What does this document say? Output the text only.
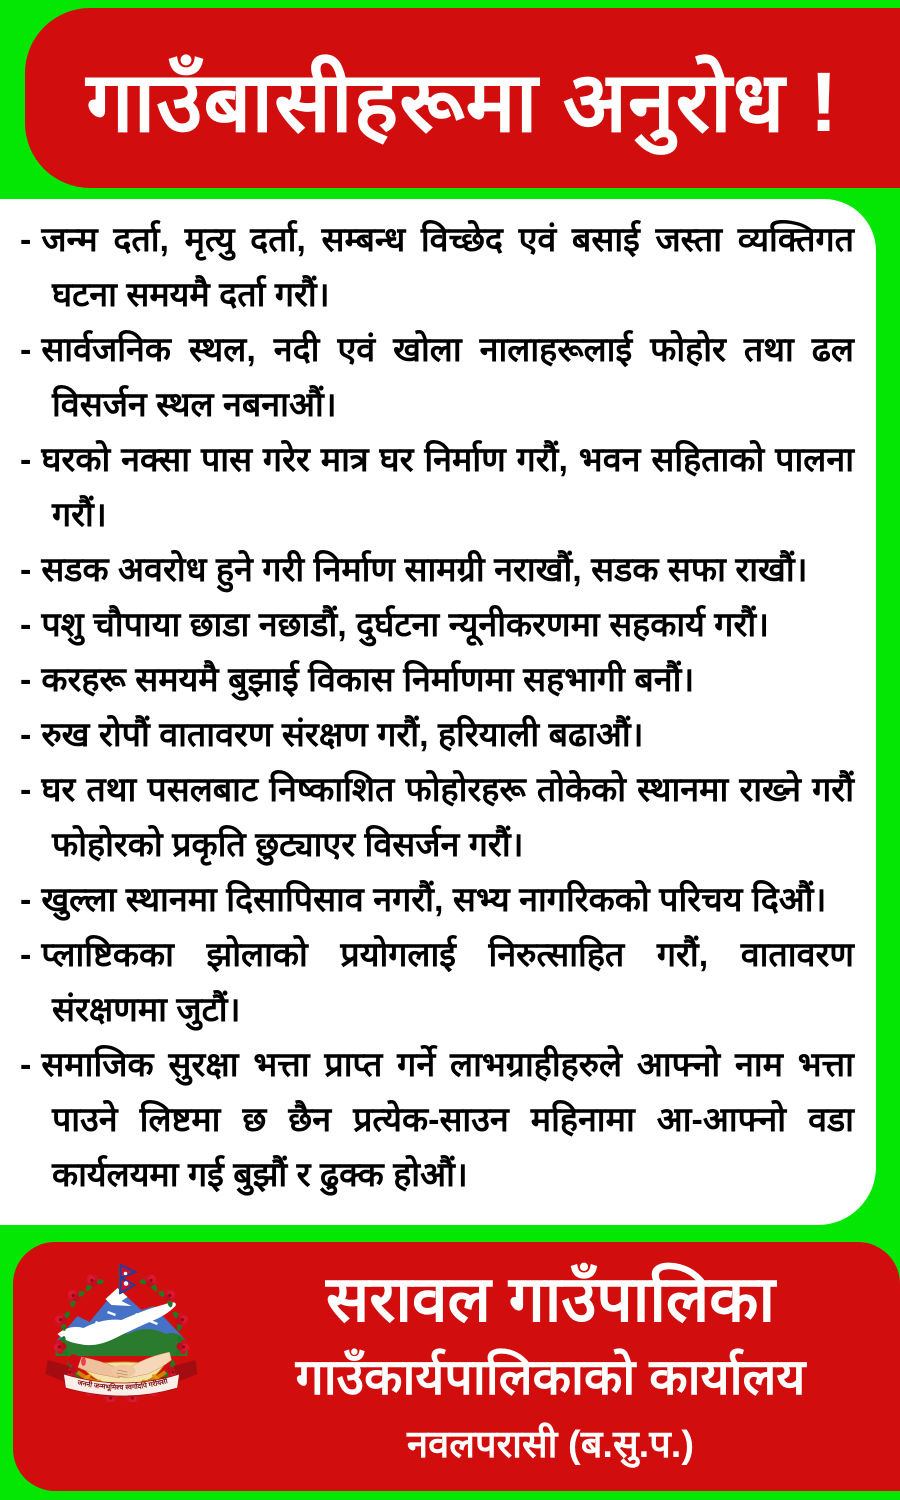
गाउँबासीहरूमा अनुरोध !
- जन्म दर्ता, मृत्यु दर्ता, सम्बन्ध विच्छेद एवं बसाई जस्ता व्यक्तिगत घटना समयमै दर्ता गरौं।
- सार्वजनिक स्थल, नदी एवं खोला नालाहरूलाई फोहोर तथा ढल विसर्जन स्थल नबनाऔं।
- घरको नक्सा पास गरेर मात्र घर निर्माण गरौं, भवन सहिताको पालना गरौं।
- सडक अवरोध हुने गरी निर्माण सामग्री नराखौं, सडक सफा राखौं।
- पशु चौपाया छाडा नछाडौं, दुर्घटना न्यूनीकरणमा सहकार्य गरौं।
- करहरू समयमै बुझाई विकास निर्माणमा सहभागी बनौं।
- रुख रोपौं वातावरण संरक्षण गरौं, हरियाली बढाऔं।
- घर तथा पसलबाट निष्काशित फोहोरहरू तोकेको स्थानमा राख्ने गरौं फोहोरको प्रकृति छुट्याएर विसर्जन गरौं।
- खुल्ला स्थानमा दिसापिसाव नगरौं, सभ्य नागरिकको परिचय दिऔं।
- प्लाष्टिकका झोलाको प्रयोगलाई निरुत्साहित गरौं, वातावरण संरक्षणमा जुटौं।
- समाजिक सुरक्षा भत्ता प्राप्त गर्ने लाभग्राहीहरुले आफ्नो नाम भत्ता पाउने लिष्टमा छ छैन प्रत्येक-साउन महिनामा आ-आफ्नो वडा कार्यलयमा गई बुझौं र ढुक्क होऔं।
जननी जन्मभूमिश्च स्वर्गादपि गरीयसी
सरावल गाउँपालिका
गाउँकार्यपालिकाको कार्यालय
नवलपरासी (ब.सु.प.)
